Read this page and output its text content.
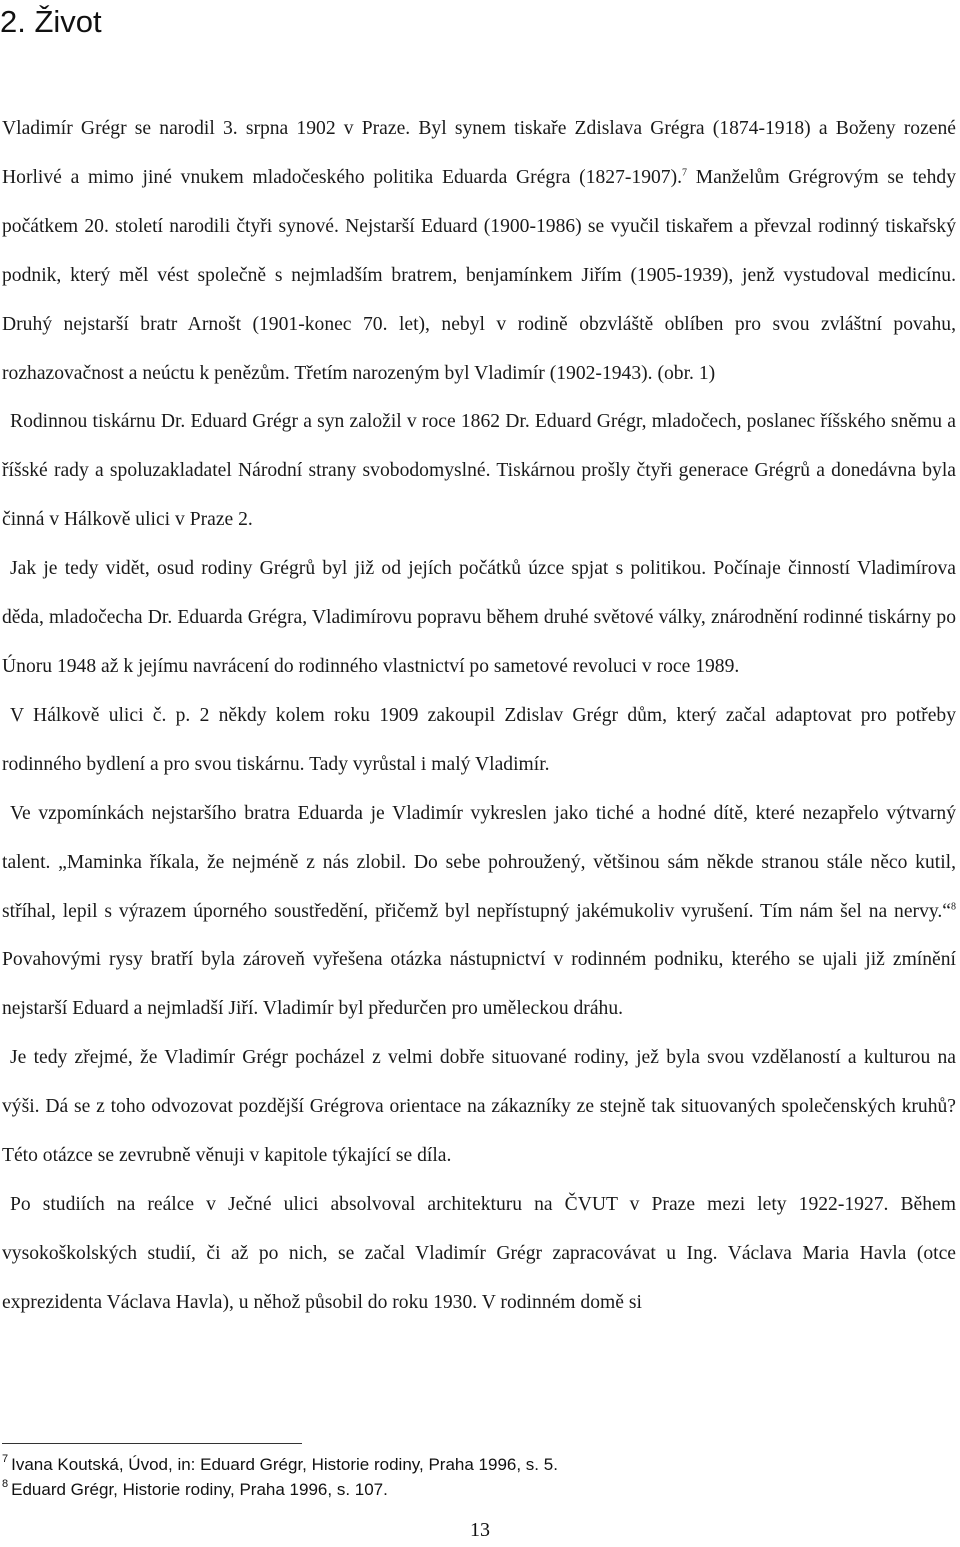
2. Život

Vladimír Grégr se narodil 3. srpna 1902 v Praze. Byl synem tiskaře Zdislava Grégra (1874-1918) a Boženy rozené Horlivé a mimo jiné vnukem mladočeského politika Eduarda Grégra (1827-1907).$^7$ Manželům Grégrovým se tehdy počátkem 20. století narodili čtyři synové. Nejstarší Eduard (1900-1986) se vyučil tiskařem a převzal rodinný tiskařský podnik, který měl vést společně s nejmladším bratrem, benjamínkem Jiřím (1905-1939), jenž vystudoval medicínu. Druhý nejstarší bratr Arnošt (1901-konec 70. let), nebyl v rodině obzvláště oblíben pro svou zvláštní povahu, rozhazovačnost a neúctu k penězům. Třetím narozeným byl Vladimír (1902-1943). (obr. 1)

Rodinnou tiskárnu Dr. Eduard Grégr a syn založil v roce 1862 Dr. Eduard Grégr, mladočech, poslanec říšského sněmu a říšské rady a spoluzakladatel Národní strany svobodomyslné. Tiskárnou prošly čtyři generace Grégrů a donedávna byla činná v Hálkově ulici v Praze 2.

Jak je tedy vidět, osud rodiny Grégrů byl již od jejích počátků úzce spjat s politikou. Počínaje činností Vladimírova děda, mladočecha Dr. Eduarda Grégra, Vladimírovu popravu během druhé světové války, znárodnění rodinné tiskárny po Únoru 1948 až k jejímu navrácení do rodinného vlastnictví po sametové revoluci v roce 1989.

V Hálkově ulici č. p. 2 někdy kolem roku 1909 zakoupil Zdislav Grégr dům, který začal adaptovat pro potřeby rodinného bydlení a pro svou tiskárnu. Tady vyrůstal i malý Vladimír.

Ve vzpomínkách nejstaršího bratra Eduarda je Vladimír vykreslen jako tiché a hodné dítě, které nezapřelo výtvarný talent. „Maminka říkala, že nejméně z nás zlobil. Do sebe pohroužený, většinou sám někde stranou stále něco kutil, stříhal, lepil s výrazem úporného soustředění, přičemž byl nepřístupný jakémukoliv vyrušení. Tím nám šel na nervy.“$^8$ Povahovými rysy bratří byla zároveň vyřešena otázka nástupnictví v rodinném podniku, kterého se ujali již zmínění nejstarší Eduard a nejmladší Jiří. Vladimír byl předurčen pro uměleckou dráhu.

Je tedy zřejmé, že Vladimír Grégr pocházel z velmi dobře situované rodiny, jež byla svou vzdělaností a kulturou na výši. Dá se z toho odvozovat pozdější Grégrova orientace na zákazníky ze stejně tak situovaných společenských kruhů? Této otázce se zevrubně věnuji v kapitole týkající se díla.

Po studiích na reálce v Ječné ulici absolvoval architekturu na ČVUT v Praze mezi lety 1922-1927. Během vysokoškolských studií, či až po nich, se začal Vladimír Grégr zapracovávat u Ing. Václava Maria Havla (otce exprezidenta Václava Havla), u něhož působil do roku 1930. V rodinném domě si

$^7$ Ivana Koutská, Úvod, in: Eduard Grégr, Historie rodiny, Praha 1996, s. 5.

$^8$ Eduard Grégr, Historie rodiny, Praha 1996, s. 107.

13
